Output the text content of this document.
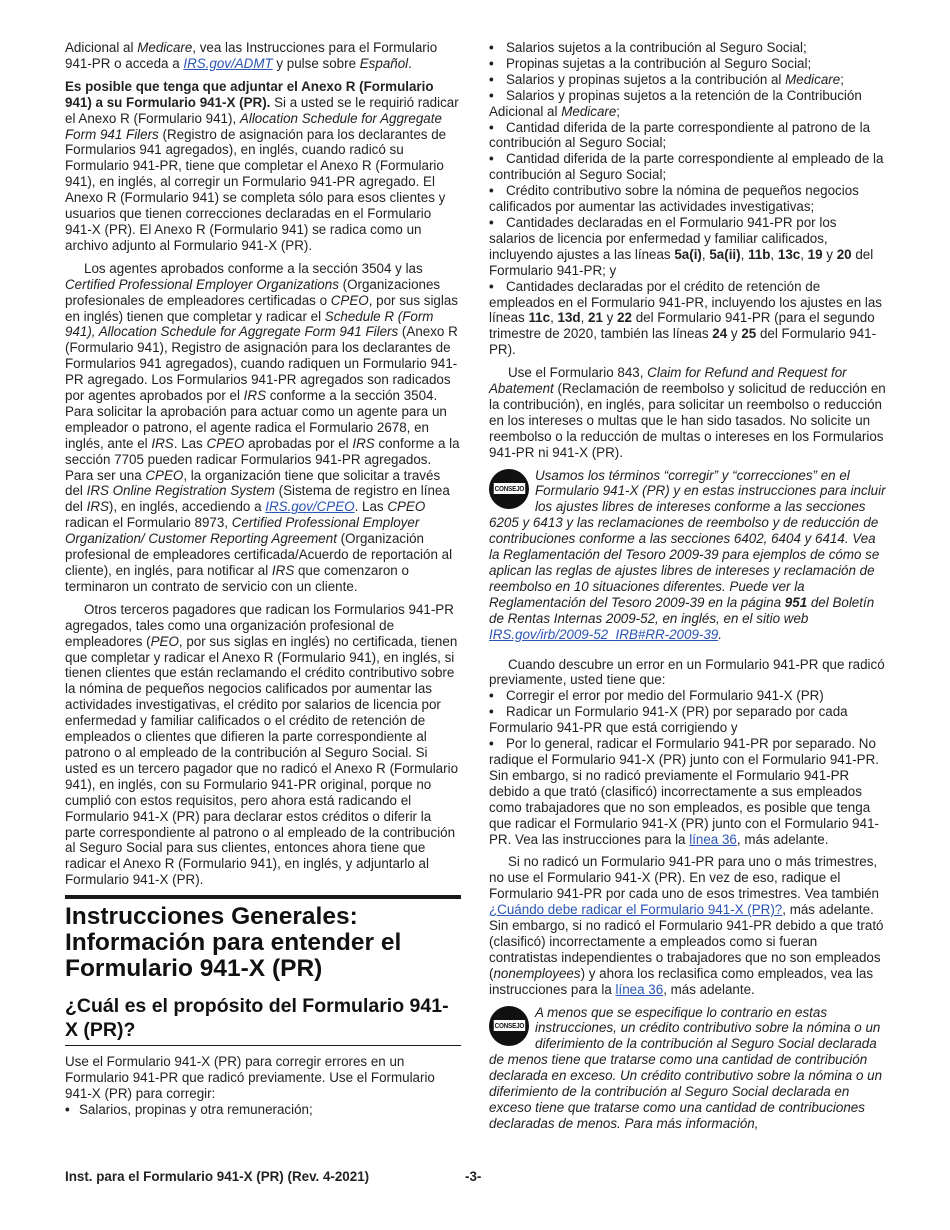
Adicional al Medicare, vea las Instrucciones para el Formulario 941-PR o acceda a IRS.gov/ADMT y pulse sobre Español.

Es posible que tenga que adjuntar el Anexo R (Formulario 941) a su Formulario 941-X (PR). Si a usted se le requirió radicar el Anexo R (Formulario 941), Allocation Schedule for Aggregate Form 941 Filers (Registro de asignación para los declarantes de Formularios 941 agregados), en inglés, cuando radicó su Formulario 941-PR, tiene que completar el Anexo R (Formulario 941), en inglés, al corregir un Formulario 941-PR agregado. El Anexo R (Formulario 941) se completa sólo para esos clientes y usuarios que tienen correcciones declaradas en el Formulario 941-X (PR). El Anexo R (Formulario 941) se radica como un archivo adjunto al Formulario 941-X (PR).

Los agentes aprobados conforme a la sección 3504 y las Certified Professional Employer Organizations (Organizaciones profesionales de empleadores certificadas o CPEO, por sus siglas en inglés) tienen que completar y radicar el Schedule R (Form 941), Allocation Schedule for Aggregate Form 941 Filers (Anexo R (Formulario 941), Registro de asignación para los declarantes de Formularios 941 agregados), cuando radiquen un Formulario 941-PR agregado. Los Formularios 941-PR agregados son radicados por agentes aprobados por el IRS conforme a la sección 3504. Para solicitar la aprobación para actuar como un agente para un empleador o patrono, el agente radica el Formulario 2678, en inglés, ante el IRS. Las CPEO aprobadas por el IRS conforme a la sección 7705 pueden radicar Formularios 941-PR agregados. Para ser una CPEO, la organización tiene que solicitar a través del IRS Online Registration System (Sistema de registro en línea del IRS), en inglés, accediendo a IRS.gov/CPEO. Las CPEO radican el Formulario 8973, Certified Professional Employer Organization/ Customer Reporting Agreement (Organización profesional de empleadores certificada/Acuerdo de reportación al cliente), en inglés, para notificar al IRS que comenzaron o terminaron un contrato de servicio con un cliente.

Otros terceros pagadores que radican los Formularios 941-PR agregados, tales como una organización profesional de empleadores (PEO, por sus siglas en inglés) no certificada, tienen que completar y radicar el Anexo R (Formulario 941), en inglés, si tienen clientes que están reclamando el crédito contributivo sobre la nómina de pequeños negocios calificados por aumentar las actividades investigativas, el crédito por salarios de licencia por enfermedad y familiar calificados o el crédito de retención de empleados o clientes que difieren la parte correspondiente al patrono o al empleado de la contribución al Seguro Social. Si usted es un tercero pagador que no radicó el Anexo R (Formulario 941), en inglés, con su Formulario 941-PR original, porque no cumplió con estos requisitos, pero ahora está radicando el Formulario 941-X (PR) para declarar estos créditos o diferir la parte correspondiente al patrono o al empleado de la contribución al Seguro Social para sus clientes, entonces ahora tiene que radicar el Anexo R (Formulario 941), en inglés, y adjuntarlo al Formulario 941-X (PR).

Instrucciones Generales: Información para entender el Formulario 941-X (PR)
¿Cuál es el propósito del Formulario 941-X (PR)?

Use el Formulario 941-X (PR) para corregir errores en un Formulario 941-PR que radicó previamente. Use el Formulario 941-X (PR) para corregir:

• Salarios, propinas y otra remuneración;
• Salarios sujetos a la contribución al Seguro Social;
• Propinas sujetas a la contribución al Seguro Social;
• Salarios y propinas sujetos a la contribución al Medicare;
• Salarios y propinas sujetos a la retención de la Contribución Adicional al Medicare;
• Cantidad diferida de la parte correspondiente al patrono de la contribución al Seguro Social;
• Cantidad diferida de la parte correspondiente al empleado de la contribución al Seguro Social;
• Crédito contributivo sobre la nómina de pequeños negocios calificados por aumentar las actividades investigativas;
• Cantidades declaradas en el Formulario 941-PR por los salarios de licencia por enfermedad y familiar calificados, incluyendo ajustes a las líneas 5a(i), 5a(ii), 11b, 13c, 19 y 20 del Formulario 941-PR; y
• Cantidades declaradas por el crédito de retención de empleados en el Formulario 941-PR, incluyendo los ajustes en las líneas 11c, 13d, 21 y 22 del Formulario 941-PR (para el segundo trimestre de 2020, también las líneas 24 y 25 del Formulario 941-PR).

Use el Formulario 843, Claim for Refund and Request for Abatement (Reclamación de reembolso y solicitud de reducción en la contribución), en inglés, para solicitar un reembolso o reducción en los intereses o multas que le han sido tasados. No solicite un reembolso o la reducción de multas o intereses en los Formularios 941-PR ni 941-X (PR).

CONSEJO
Usamos los términos “corregir” y “correcciones” en el Formulario 941-X (PR) y en estas instrucciones para incluir los ajustes libres de intereses conforme a las secciones 6205 y 6413 y las reclamaciones de reembolso y de reducción de contribuciones conforme a las secciones 6402, 6404 y 6414. Vea la Reglamentación del Tesoro 2009-39 para ejemplos de cómo se aplican las reglas de ajustes libres de intereses y reclamación de reembolso en 10 situaciones diferentes. Puede ver la Reglamentación del Tesoro 2009-39 en la página 951 del Boletín de Rentas Internas 2009-52, en inglés, en el sitio web IRS.gov/irb/2009-52_IRB#RR-2009-39.

Cuando descubre un error en un Formulario 941-PR que radicó previamente, usted tiene que:

• Corregir el error por medio del Formulario 941-X (PR)
• Radicar un Formulario 941-X (PR) por separado por cada Formulario 941-PR que está corrigiendo y
• Por lo general, radicar el Formulario 941-PR por separado. No radique el Formulario 941-X (PR) junto con el Formulario 941-PR. Sin embargo, si no radicó previamente el Formulario 941-PR debido a que trató (clasificó) incorrectamente a sus empleados como trabajadores que no son empleados, es posible que tenga que radicar el Formulario 941-X (PR) junto con el Formulario 941-PR. Vea las instrucciones para la línea 36, más adelante.

Si no radicó un Formulario 941-PR para uno o más trimestres, no use el Formulario 941-X (PR). En vez de eso, radique el Formulario 941-PR por cada uno de esos trimestres. Vea también ¿Cuándo debe radicar el Formulario 941-X (PR)?, más adelante. Sin embargo, si no radicó el Formulario 941-PR debido a que trató (clasificó) incorrectamente a empleados como si fueran contratistas independientes o trabajadores que no son empleados (nonemployees) y ahora los reclasifica como empleados, vea las instrucciones para la línea 36, más adelante.

CONSEJO
A menos que se especifique lo contrario en estas instrucciones, un crédito contributivo sobre la nómina o un diferimiento de la contribución al Seguro Social declarada de menos tiene que tratarse como una cantidad de contribución declarada en exceso. Un crédito contributivo sobre la nómina o un diferimiento de la contribución al Seguro Social declarada en exceso tiene que tratarse como una cantidad de contribuciones declaradas de menos. Para más información,
Inst. para el Formulario 941-X (PR) (Rev. 4-2021)	-3-
